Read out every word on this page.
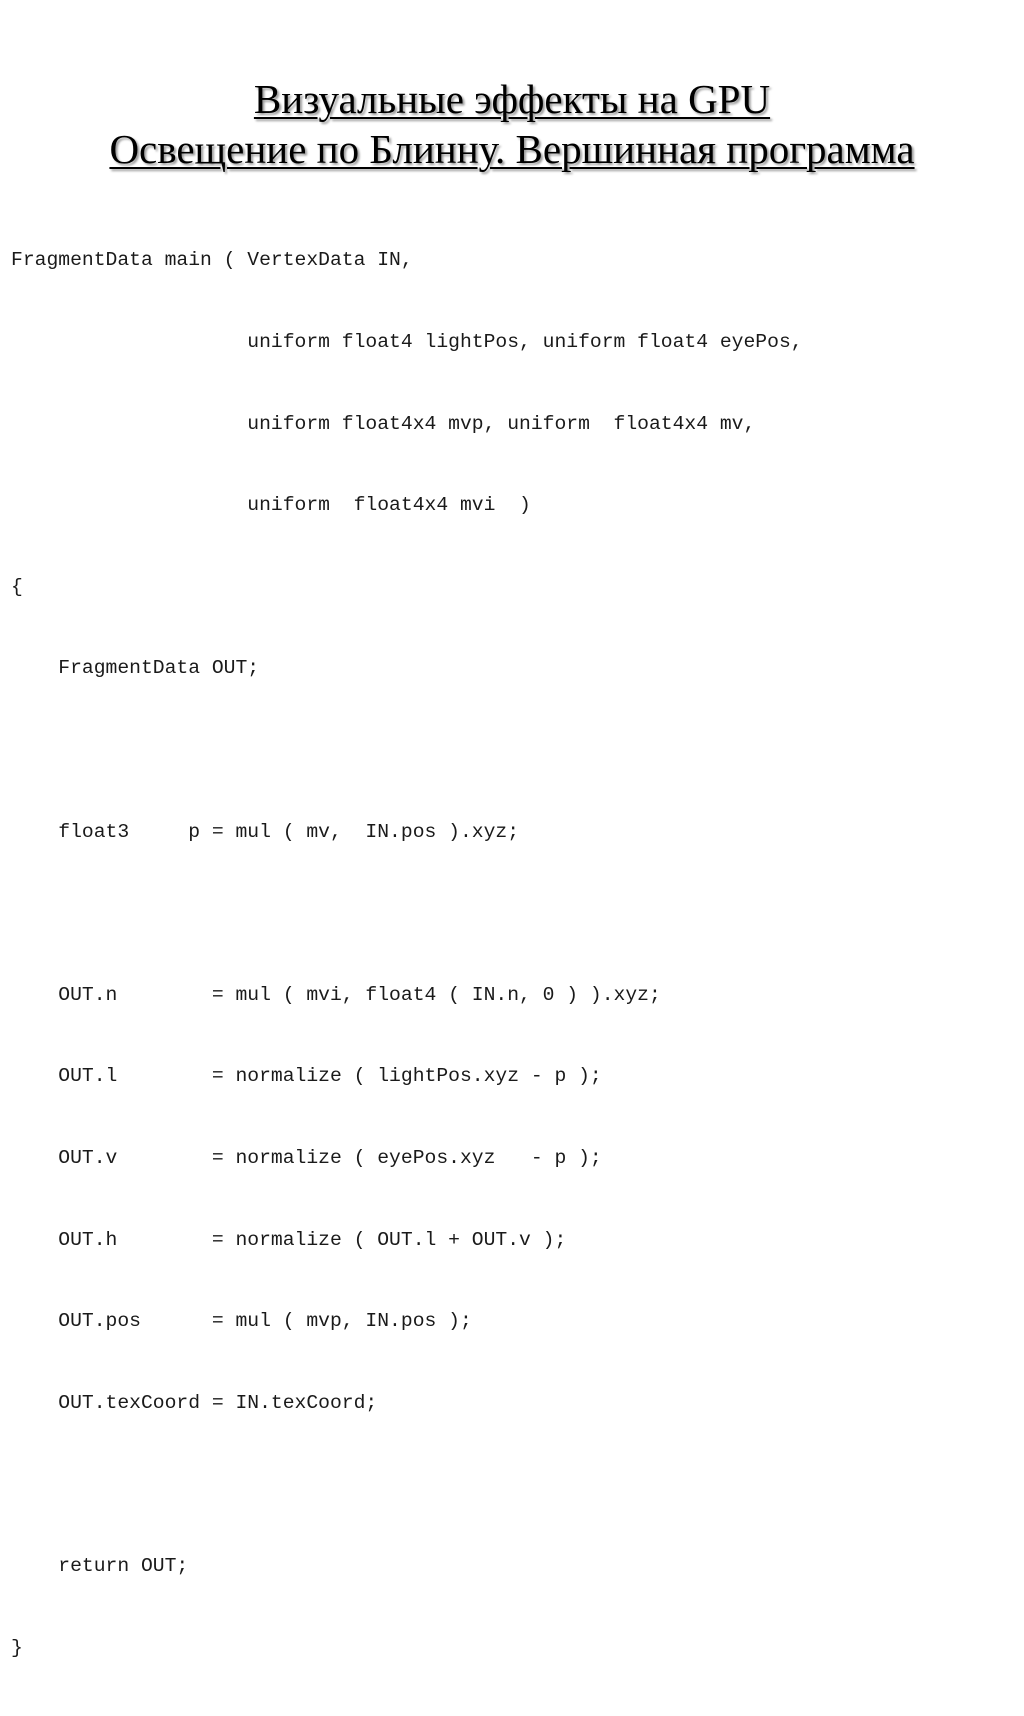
Визуальные эффекты на GPU
Освещение по Блинну. Вершинная программа

FragmentData main ( VertexData IN,

uniform float4 lightPos, uniform float4 eyePos,

uniform float4x4 mvp, uniform  float4x4 mv,

uniform  float4x4 mvi  )

{

FragmentData OUT;

float3     p = mul ( mv,  IN.pos ).xyz;

OUT.n        = mul ( mvi, float4 ( IN.n, 0 ) ).xyz;

OUT.l        = normalize ( lightPos.xyz - p );

OUT.v        = normalize ( eyePos.xyz   - p );

OUT.h        = normalize ( OUT.l + OUT.v );

OUT.pos      = mul ( mvp, IN.pos );

OUT.texCoord = IN.texCoord;

return OUT;

}
